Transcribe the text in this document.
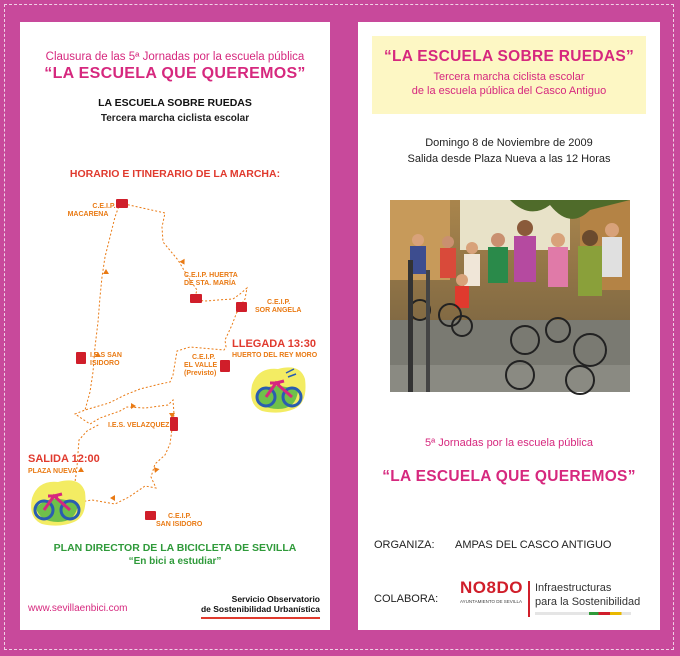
Clausura de las 5ª Jornadas por la escuela pública
“LA ESCUELA QUE QUEREMOS”
LA ESCUELA SOBRE RUEDAS
Tercera marcha ciclista escolar
HORARIO E ITINERARIO DE LA MARCHA:
C.E.I.P. MACARENA
C.E.I.P. HUERTA DE STA. MARÍA
C.E.I.P. SOR ANGELA
C.E.I.P. EL VALLE (Previsto)
I.E.S SAN ISIDORO
I.E.S. VELAZQUEZ
C.E.I.P. SAN ISIDORO
LLEGADA 13:30
HUERTO DEL REY MORO
SALIDA 12:00
PLAZA NUEVA
PLAN DIRECTOR DE LA BICICLETA DE SEVILLA
“En bici a estudiar”
www.sevillaenbici.com
Servicio Observatorio
de Sostenibilidad Urbanística
“LA ESCUELA SOBRE RUEDAS”
Tercera marcha ciclista escolar
de la escuela pública del Casco Antiguo
Domingo 8 de Noviembre de 2009
Salida desde Plaza Nueva a las 12 Horas
5ª Jornadas por la escuela pública
“LA ESCUELA QUE QUEREMOS”
ORGANIZA: AMPAS DEL CASCO ANTIGUO
COLABORA:
NO8DO
AYUNTAMIENTO DE SEVILLA
Infraestructuras
para la Sostenibilidad
